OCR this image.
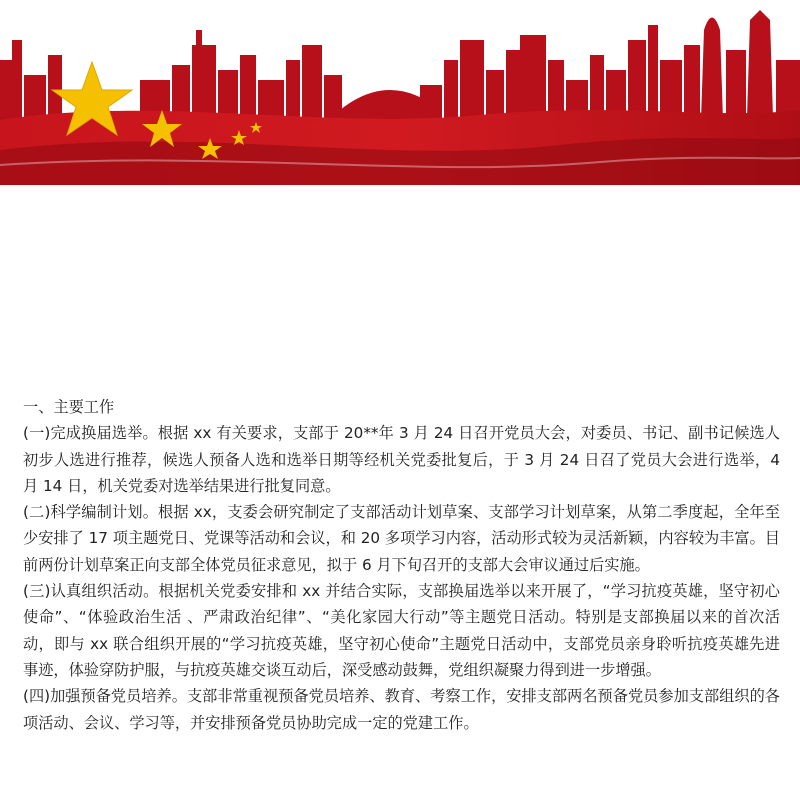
一、主要工作

(一)完成换届选举。根据 xx 有关要求，支部于 20**年 3 月 24 日召开党员大会，对委员、书记、副书记候选人初步人选进行推荐，候选人预备人选和选举日期等经机关党委批复后，于 3 月 24 日召了党员大会进行选举，4 月 14 日，机关党委对选举结果进行批复同意。

(二)科学编制计划。根据 xx，支委会研究制定了支部活动计划草案、支部学习计划草案，从第二季度起，全年至少安排了 17 项主题党日、党课等活动和会议，和 20 多项学习内容，活动形式较为灵活新颖，内容较为丰富。目前两份计划草案正向支部全体党员征求意见，拟于 6 月下旬召开的支部大会审议通过后实施。

(三)认真组织活动。根据机关党委安排和 xx 并结合实际，支部换届选举以来开展了，“学习抗疫英雄，坚守初心使命”、“体验政治生活 、严肃政治纪律”、“美化家园大行动”等主题党日活动。特别是支部换届以来的首次活动，即与 xx 联合组织开展的“学习抗疫英雄，坚守初心使命”主题党日活动中，支部党员亲身聆听抗疫英雄先进事迹，体验穿防护服，与抗疫英雄交谈互动后，深受感动鼓舞，党组织凝聚力得到进一步增强。

(四)加强预备党员培养。支部非常重视预备党员培养、教育、考察工作，安排支部两名预备党员参加支部组织的各项活动、会议、学习等，并安排预备党员协助完成一定的党建工作。
